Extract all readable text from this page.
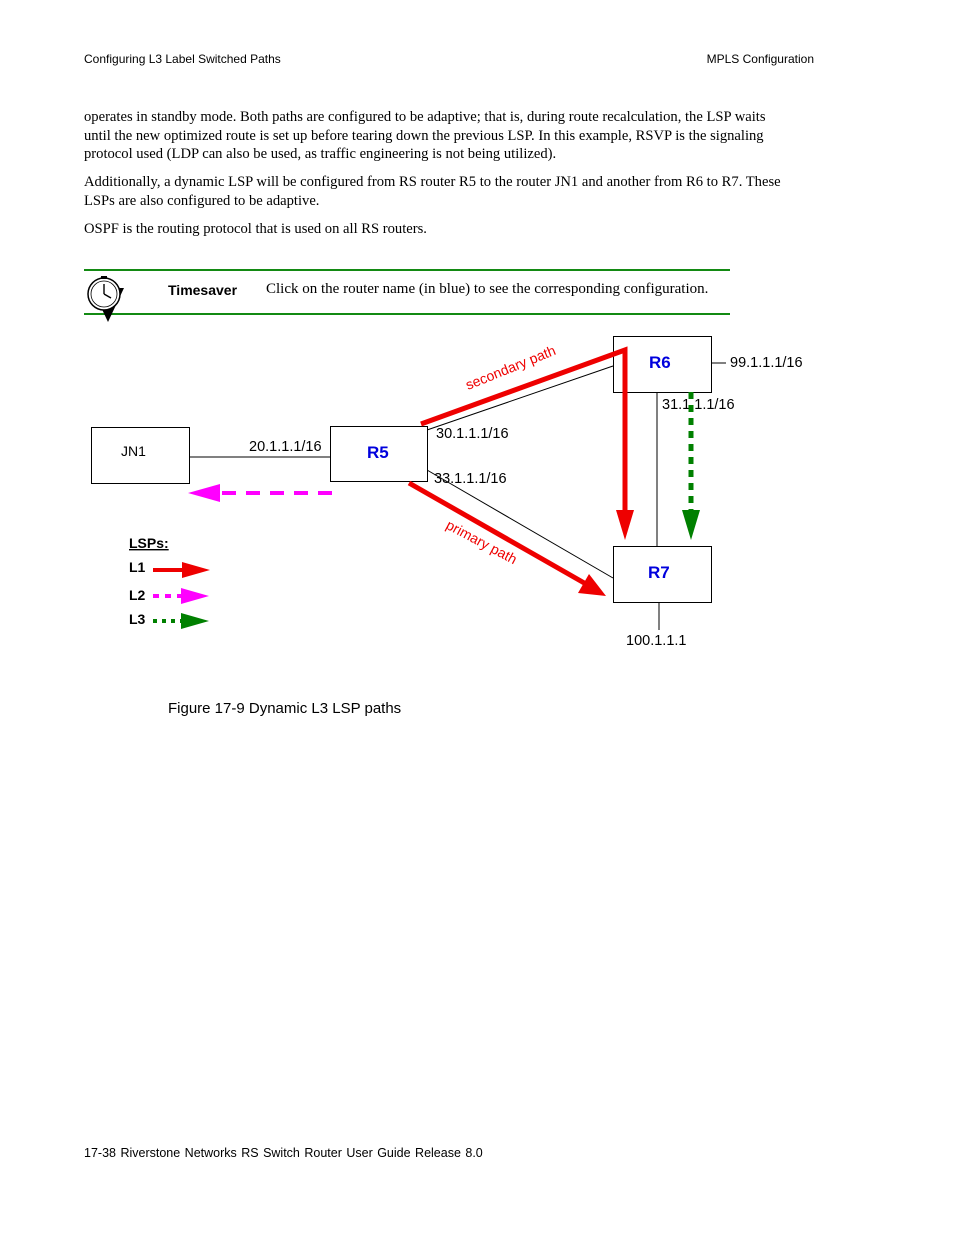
Configuring L3 Label Switched Paths	MPLS Configuration

operates in standby mode. Both paths are configured to be adaptive; that is, during route recalculation, the LSP waits

until the new optimized route is set up before tearing down the previous LSP. In this example, RSVP is the signaling

protocol used (LDP can also be used, as traffic engineering is not being utilized).

Additionally, a dynamic LSP will be configured from RS router R5 to the router JN1 and another from R6 to R7. These

LSPs are also configured to be adaptive.

OSPF is the routing protocol that is used on all RS routers.
Timesaver Click on the router name (in blue) to see the corresponding configuration.
JN1	R5
R6
R7
20.1.1.1/16
30.1.1.1/16
33.1.1.1/16
99.1.1.1/16
31.1.1.1/16
100.1.1.1
secondary path
primary path
LSPs:
L1
L2
L3
Figure 17-9 Dynamic L3 LSP paths
17-38 Riverstone Networks RS Switch Router User Guide Release 8.0
